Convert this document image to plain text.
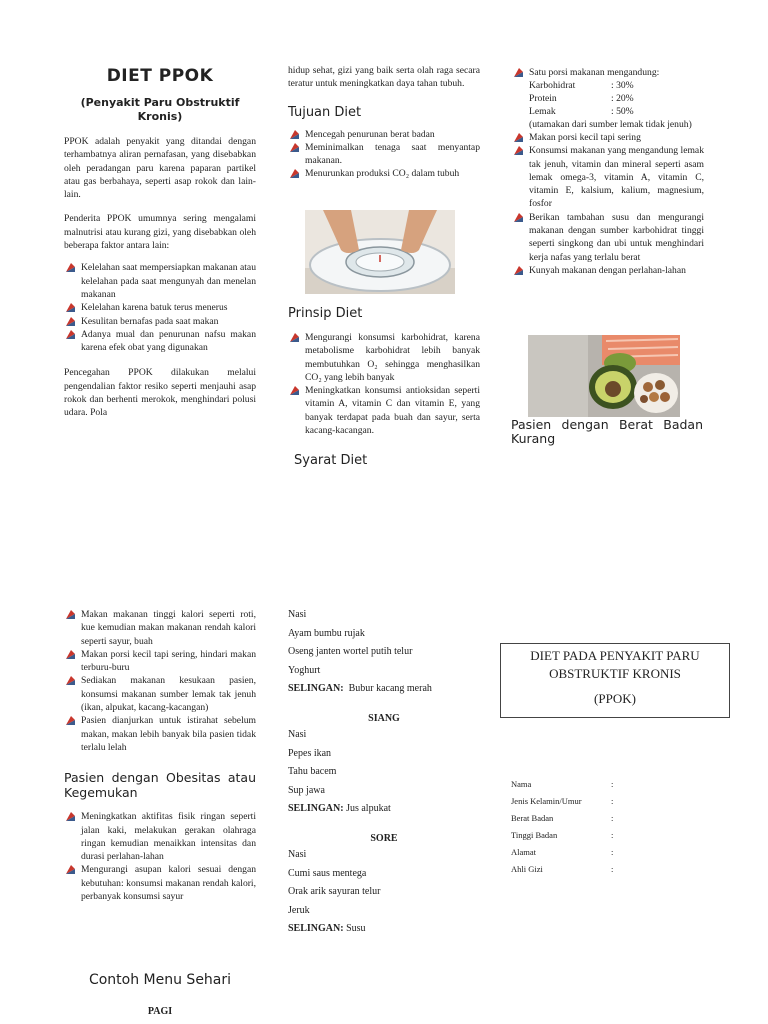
DIET PPOK
(Penyakit Paru Obstruktif Kronis)

PPOK adalah penyakit yang ditandai dengan terhambatnya aliran pernafasan, yang disebabkan oleh peradangan paru karena paparan partikel atau gas berbahaya, seperti asap rokok dan lain-lain.

Penderita PPOK umumnya sering mengalami malnutrisi atau kurang gizi, yang disebabkan oleh beberapa faktor antara lain:

Kelelahan saat mempersiapkan makanan atau kelelahan pada saat mengunyah dan menelan makanan
Kelelahan karena batuk terus menerus
Kesulitan bernafas pada saat makan
Adanya mual dan penurunan nafsu makan karena efek obat yang digunakan

Pencegahan PPOK dilakukan melalui pengendalian faktor resiko seperti menjauhi asap rokok dan berhenti merokok, menghindari polusi udara. Pola

hidup sehat, gizi yang baik serta olah raga secara teratur untuk meningkatkan daya tahan tubuh.

Tujuan Diet
Mencegah penurunan berat badan
Meminimalkan tenaga saat menyantap makanan.
Menurunkan produksi CO₂ dalam tubuh
Prinsip Diet
Mengurangi konsumsi karbohidrat, karena metabolisme karbohidrat lebih banyak membutuhkan O₂ sehingga menghasilkan CO₂ yang lebih banyak
Meningkatkan konsumsi antioksidan seperti vitamin A, vitamin C dan vitamin E, yang banyak terdapat pada buah dan sayur, serta kacang-kacangan.
Syarat Diet
Satu porsi makanan mengandung:
Karbohidrat	: 30%
Protein	: 20%
Lemak	: 50%
(utamakan dari sumber lemak tidak jenuh)
Makan porsi kecil tapi sering
Konsumsi makanan yang mengandung lemak tak jenuh, vitamin dan mineral seperti asam lemak omega-3, vitamin A, vitamin C, vitamin E, kalsium, kalium, magnesium, fosfor
Berikan tambahan susu dan mengurangi makanan dengan sumber karbohidrat tinggi seperti singkong dan ubi untuk menghindari kerja nafas yang terlalu berat
Kunyah makanan dengan perlahan-lahan
Pasien dengan Berat Badan Kurang
Makan makanan tinggi kalori seperti roti, kue kemudian makan makanan rendah kalori seperti sayur, buah
Makan porsi kecil tapi sering, hindari makan terburu-buru
Sediakan makanan kesukaan pasien, konsumsi makanan sumber lemak tak jenuh (ikan, alpukat, kacang-kacangan)
Pasien dianjurkan untuk istirahat sebelum makan, makan lebih banyak bila pasien tidak terlalu lelah
Pasien dengan Obesitas atau Kegemukan
Meningkatkan aktifitas fisik ringan seperti jalan kaki, melakukan gerakan olahraga ringan kemudian menaikkan intensitas dan durasi perlahan-lahan
Mengurangi asupan kalori sesuai dengan kebutuhan: konsumsi makanan rendah kalori, perbanyak konsumsi sayur
Contoh Menu Sehari
PAGI
Nasi
Ayam bumbu rujak
Oseng janten wortel putih telur
Yoghurt
SELINGAN: Bubur kacang merah
SIANG
Nasi
Pepes ikan
Tahu bacem
Sup jawa
SELINGAN: Jus alpukat
SORE
Nasi
Cumi saus mentega
Orak arik sayuran telur
Jeruk
SELINGAN: Susu
DIET PADA PENYAKIT PARU OBSTRUKTIF KRONIS
(PPOK)
Nama	:
Jenis Kelamin/Umur	:
Berat Badan	:
Tinggi Badan	:
Alamat	:
Ahli Gizi	:
